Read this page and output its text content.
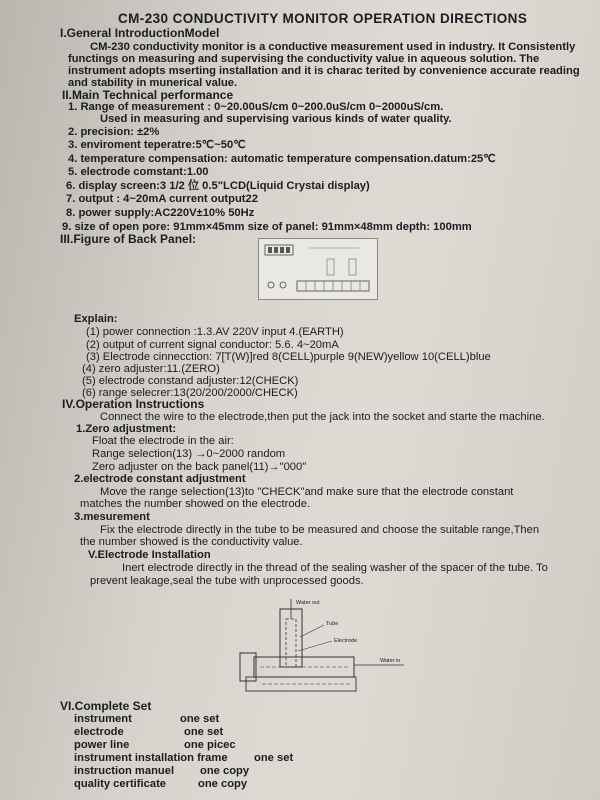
CM-230 CONDUCTIVITY MONITOR OPERATION DIRECTIONS
I.General IntroductionModel
CM-230 conductivity monitor is a conductive measurement used in industry. It Consistently
functings on measuring and supervising the conductivity value in aqueous solution. The
instrument adopts mserting installation and it is charac terited by convenience accurate reading
and stability in munerical value.
II.Main Technical performance
1. Range of measurement : 0~20.00uS/cm 0~200.0uS/cm 0~2000uS/cm.
Used in measuring and supervising various kinds of water quality.
2. precision: ±2%
3. enviroment teperatre:5℃~50℃
4. temperature compensation: automatic temperature compensation.datum:25℃
5. electrode comstant:1.00
6. display screen:3 1/2 位 0.5"LCD(Liquid Crystai display)
7. output : 4~20mA current output22
8. power supply:AC220V±10% 50Hz
9. size of open pore: 91mm×45mm size of panel: 91mm×48mm depth: 100mm
III.Figure of Back Panel:
Explain:
(1) power connection :1.3.AV 220V input 4.(EARTH)
(2) output of current signal conductor: 5.6. 4~20mA
(3) Electrode cinnecction: 7[T(W)]red 8(CELL)purple 9(NEW)yellow 10(CELL)blue
(4) zero adjuster:11.(ZERO)
(5) electrode constand adjuster:12(CHECK)
(6) range selecrer:13(20/200/2000/CHECK)
IV.Operation Instructions
Connect the wire to the electrode,then put the jack into the socket and starte the machine.
1.Zero adjustment:
Float the electrode in the air:
Range selection(13) →0~2000 random
Zero adjuster on the back panel(11)→"000"
2.electrode constant adjustment
Move the range selection(13)to "CHECK"and make sure that the electrode constant
matches the number showed on the electrode.
3.mesurement
Fix the electrode directly in the tube to be measured and choose the suitable range,Then
the number showed is the conductivity value.
V.Electrode Installation
Inert electrode directly in the thread of the sealing washer of the spacer of the tube. To
prevent leakage,seal the tube with unprocessed goods.
Water out
Tube
Electrode
Water in
VI.Complete Set
instrument	one set
electrode	one set
power line	one picec
instrument installation frame one set
instruction manuel one copy
quality certificate	one copy
